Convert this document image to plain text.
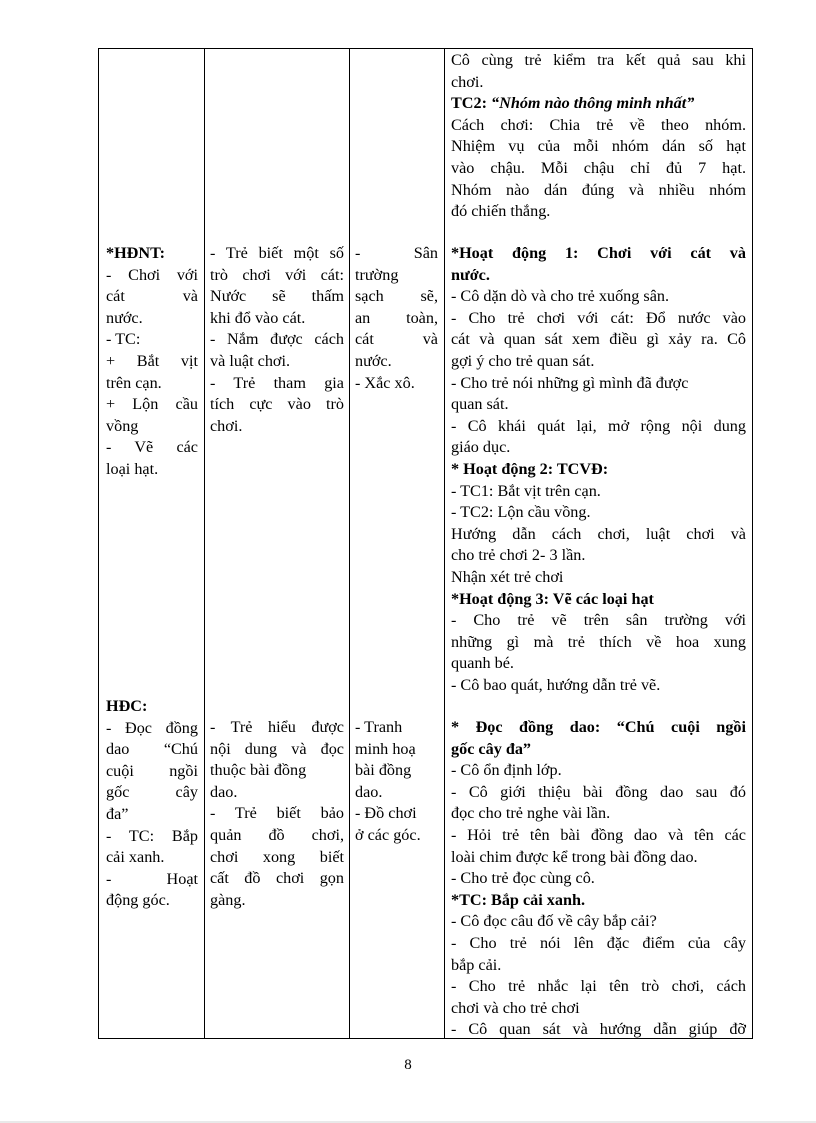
*HĐNT:
- Chơi với
cát và
nước.
- TC:
+ Bắt vịt
trên cạn.
+ Lộn cầu
vồng
- Vẽ các
loại hạt.
HĐC:
- Đọc đồng
dao “Chú
cuội ngồi
gốc cây
đa”
- TC: Bắp
cải xanh.
- Hoạt
động góc.
- Trẻ biết một số
trò chơi với cát:
Nước sẽ thấm
khi đổ vào cát.
- Nắm được cách
và luật chơi.
- Trẻ tham gia
tích cực vào trò
chơi.
- Trẻ hiểu được
nội dung và đọc
thuộc bài đồng
dao.
- Trẻ biết bảo
quản đồ chơi,
chơi xong biết
cất đồ chơi gọn
gàng.
- Sân
trường
sạch sẽ,
an toàn,
cát và
nước.
- Xắc xô.
- Tranh
minh hoạ
bài đồng
dao.
- Đồ chơi
ở các góc.
Cô cùng trẻ kiểm tra kết quả sau khi
chơi.
TC2: “Nhóm nào thông minh nhất”
Cách chơi: Chia trẻ về theo nhóm.
Nhiệm vụ của mỗi nhóm dán số hạt
vào chậu. Mỗi chậu chỉ đủ 7 hạt.
Nhóm nào dán đúng và nhiều nhóm
đó chiến thắng.
*Hoạt động 1: Chơi với cát và
nước.
- Cô dặn dò và cho trẻ xuống sân.
- Cho trẻ chơi với cát: Đổ nước vào
cát và quan sát xem điều gì xảy ra. Cô
gợi ý cho trẻ quan sát.
- Cho trẻ nói những gì mình đã được
quan sát.
- Cô khái quát lại, mở rộng nội dung
giáo dục.
* Hoạt động 2: TCVĐ:
- TC1: Bắt vịt trên cạn.
- TC2: Lộn cầu vồng.
Hướng dẫn cách chơi, luật chơi và
cho trẻ chơi 2- 3 lần.
Nhận xét trẻ chơi
*Hoạt động 3: Vẽ các loại hạt
- Cho trẻ vẽ trên sân trường với
những gì mà trẻ thích về hoa xung
quanh bé.
- Cô bao quát, hướng dẫn trẻ vẽ.
* Đọc đồng dao: “Chú cuội ngồi
gốc cây đa”
- Cô ổn định lớp.
- Cô giới thiệu bài đồng dao sau đó
đọc cho trẻ nghe vài lần.
- Hỏi trẻ tên bài đồng dao và tên các
loài chim được kể trong bài đồng dao.
- Cho trẻ đọc cùng cô.
*TC: Bắp cải xanh.
- Cô đọc câu đố về cây bắp cải?
- Cho trẻ nói lên đặc điểm của cây
bắp cải.
- Cho trẻ nhắc lại tên trò chơi, cách
chơi và cho trẻ chơi
- Cô quan sát và hướng dẫn giúp đỡ
8
